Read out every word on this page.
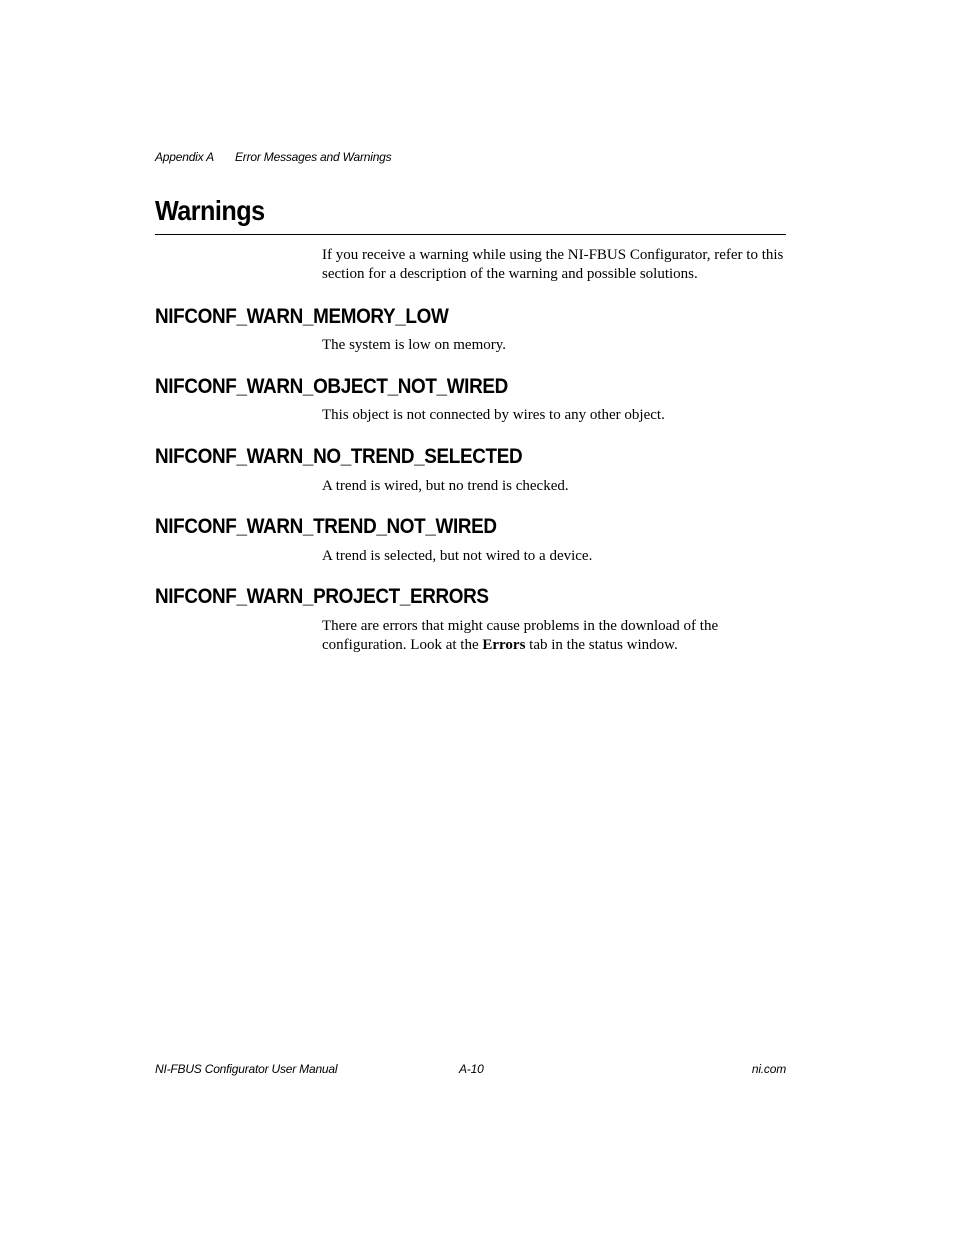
Appendix A Error Messages and Warnings
Warnings

If you receive a warning while using the NI-FBUS Configurator, refer to this section for a description of the warning and possible solutions.

NIFCONF_WARN_MEMORY_LOW

The system is low on memory.

NIFCONF_WARN_OBJECT_NOT_WIRED

This object is not connected by wires to any other object.

NIFCONF_WARN_NO_TREND_SELECTED

A trend is wired, but no trend is checked.

NIFCONF_WARN_TREND_NOT_WIRED

A trend is selected, but not wired to a device.

NIFCONF_WARN_PROJECT_ERRORS

There are errors that might cause problems in the download of the configuration. Look at the Errors tab in the status window.

NI-FBUS Configurator User Manual	A-10	ni.com
